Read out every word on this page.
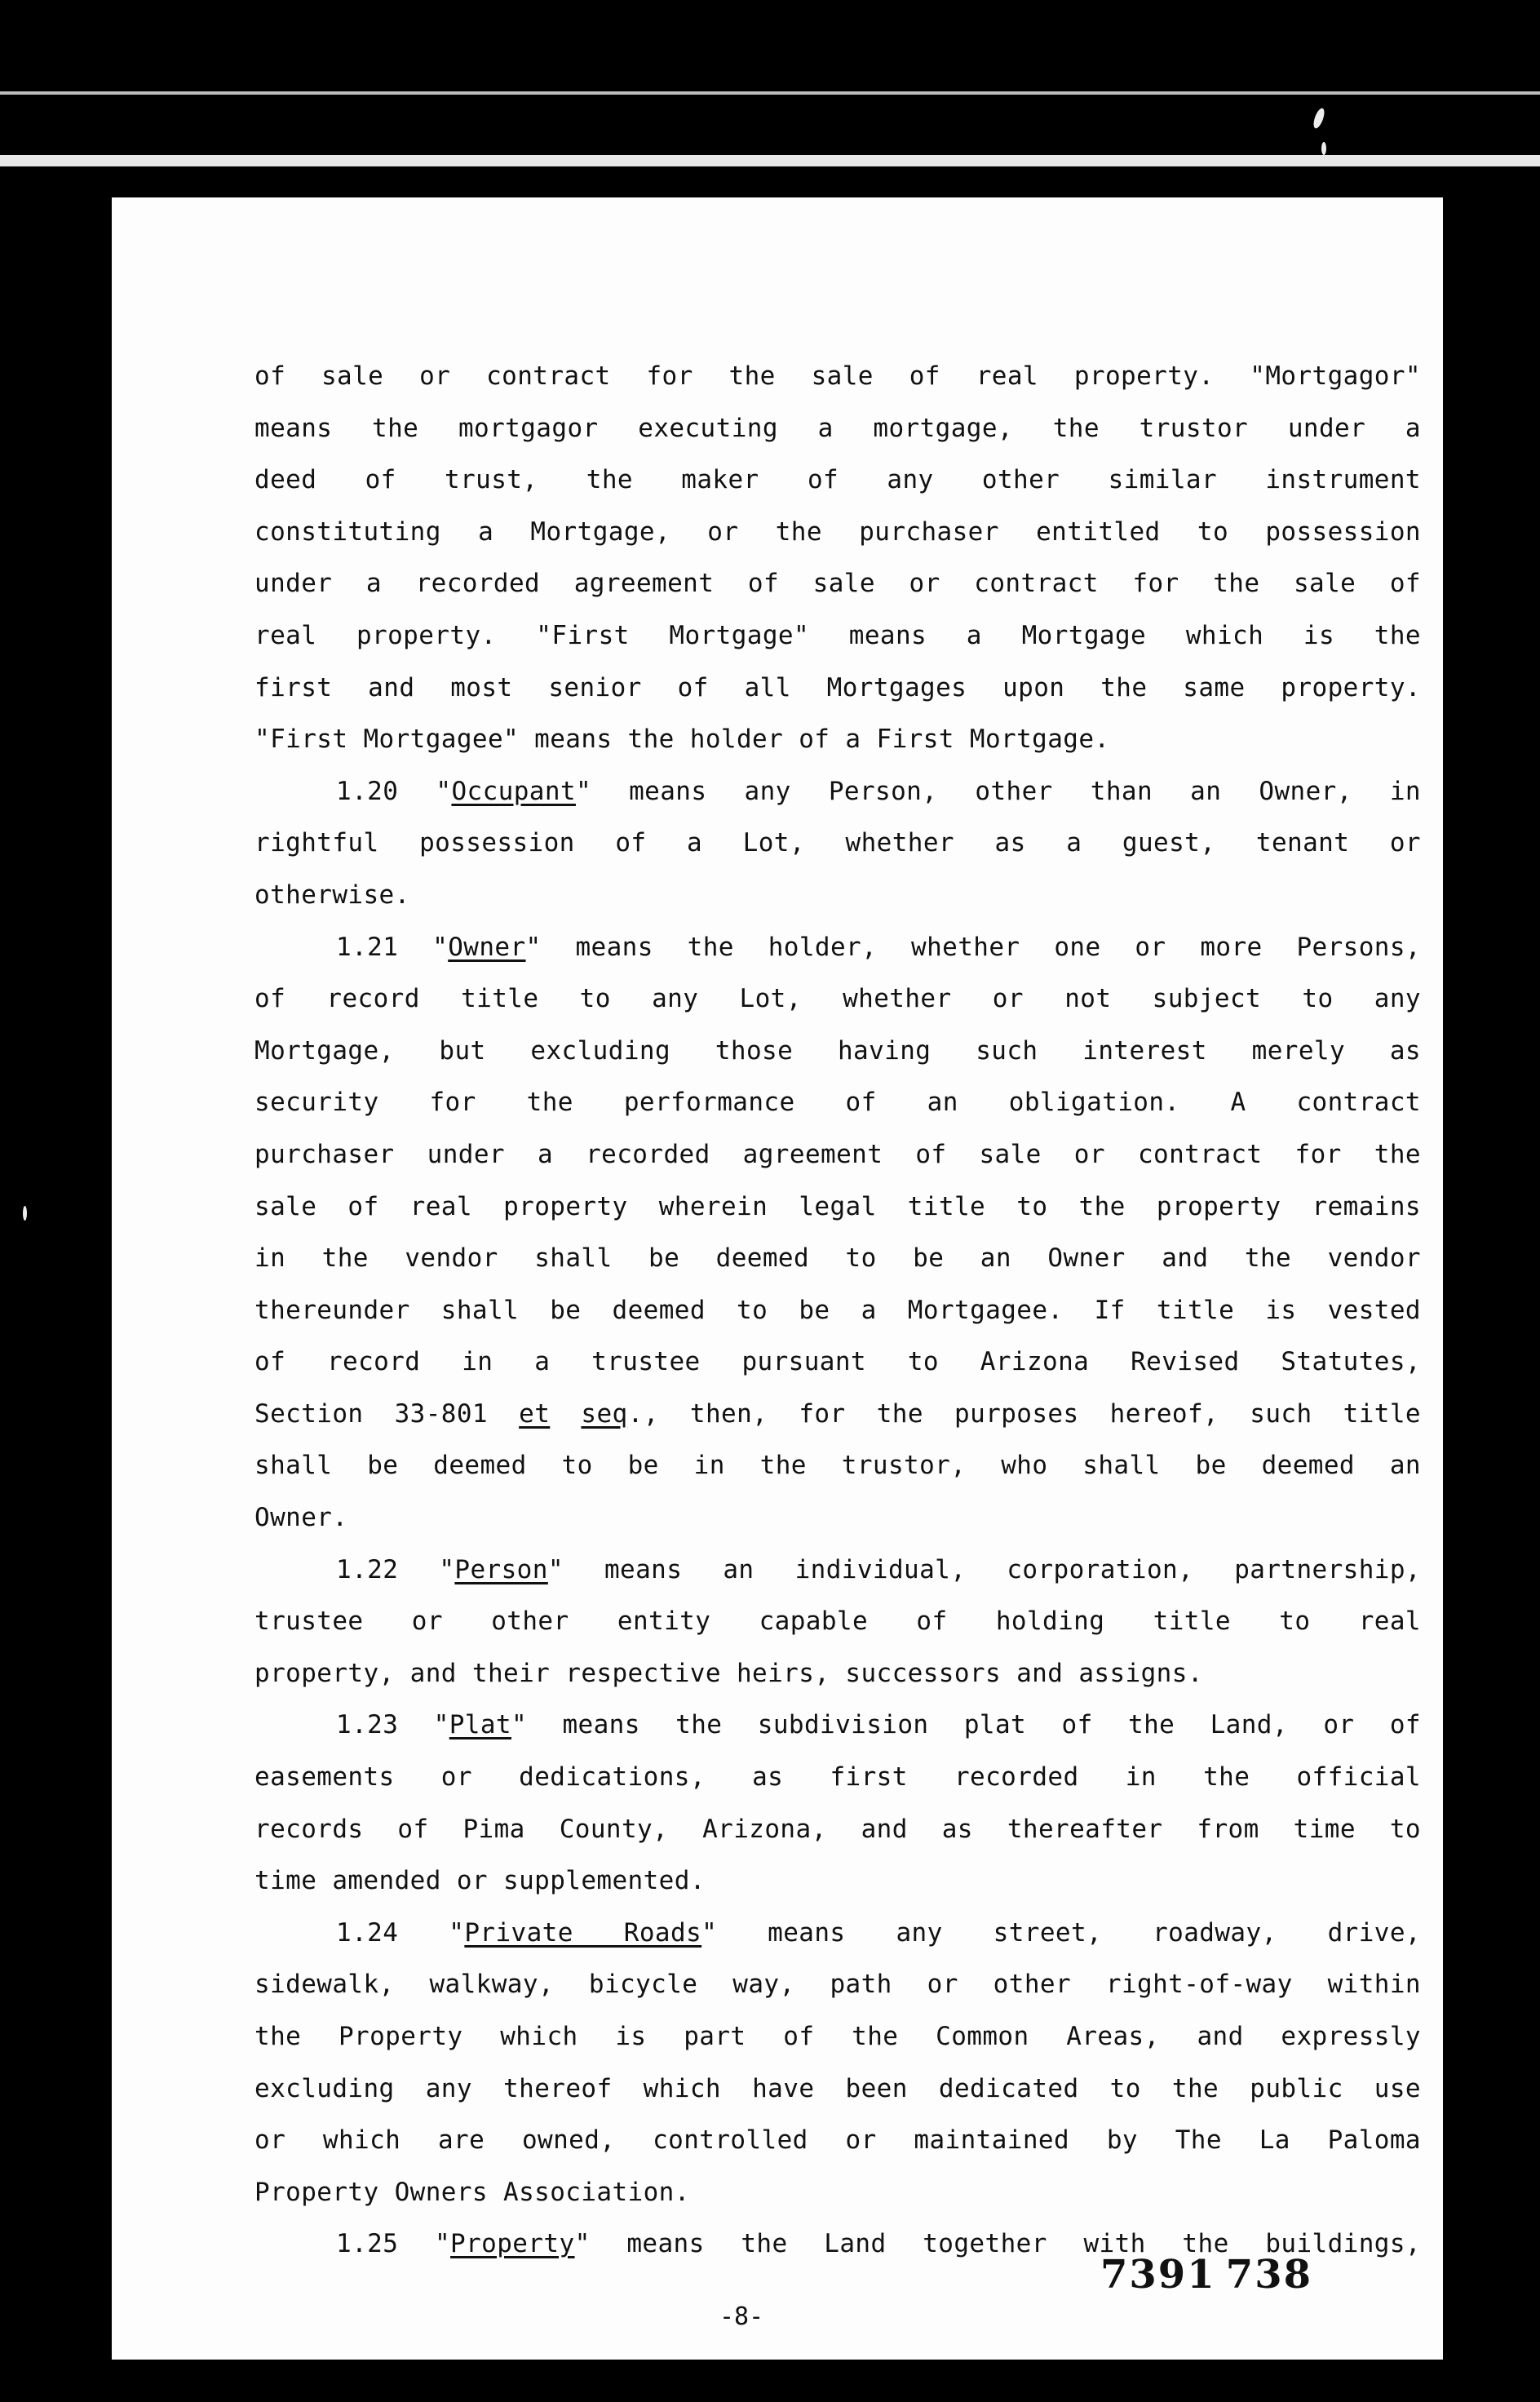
of sale or contract for the sale of real property. "Mortgagor"
means the mortgagor executing a mortgage, the trustor under a
deed of trust, the maker of any other similar instrument
constituting a Mortgage, or the purchaser entitled to possession
under a recorded agreement of sale or contract for the sale of
real property. "First Mortgage" means a Mortgage which is the
first and most senior of all Mortgages upon the same property.
"First Mortgagee" means the holder of a First Mortgage.
1.20 "Occupant" means any Person, other than an Owner, in
rightful possession of a Lot, whether as a guest, tenant or
otherwise.
1.21 "Owner" means the holder, whether one or more Persons,
of record title to any Lot, whether or not subject to any
Mortgage, but excluding those having such interest merely as
security for the performance of an obligation. A contract
purchaser under a recorded agreement of sale or contract for the
sale of real property wherein legal title to the property remains
in the vendor shall be deemed to be an Owner and the vendor
thereunder shall be deemed to be a Mortgagee. If title is vested
of record in a trustee pursuant to Arizona Revised Statutes,
Section 33-801 et seq., then, for the purposes hereof, such title
shall be deemed to be in the trustor, who shall be deemed an
Owner.
1.22 "Person" means an individual, corporation, partnership,
trustee or other entity capable of holding title to real
property, and their respective heirs, successors and assigns.
1.23 "Plat" means the subdivision plat of the Land, or of
easements or dedications, as first recorded in the official
records of Pima County, Arizona, and as thereafter from time to
time amended or supplemented.
1.24 "Private Roads" means any street, roadway, drive,
sidewalk, walkway, bicycle way, path or other right-of-way within
the Property which is part of the Common Areas, and expressly
excluding any thereof which have been dedicated to the public use
or which are owned, controlled or maintained by The La Paloma
Property Owners Association.
1.25 "Property" means the Land together with the buildings,
7391 738
-8-
